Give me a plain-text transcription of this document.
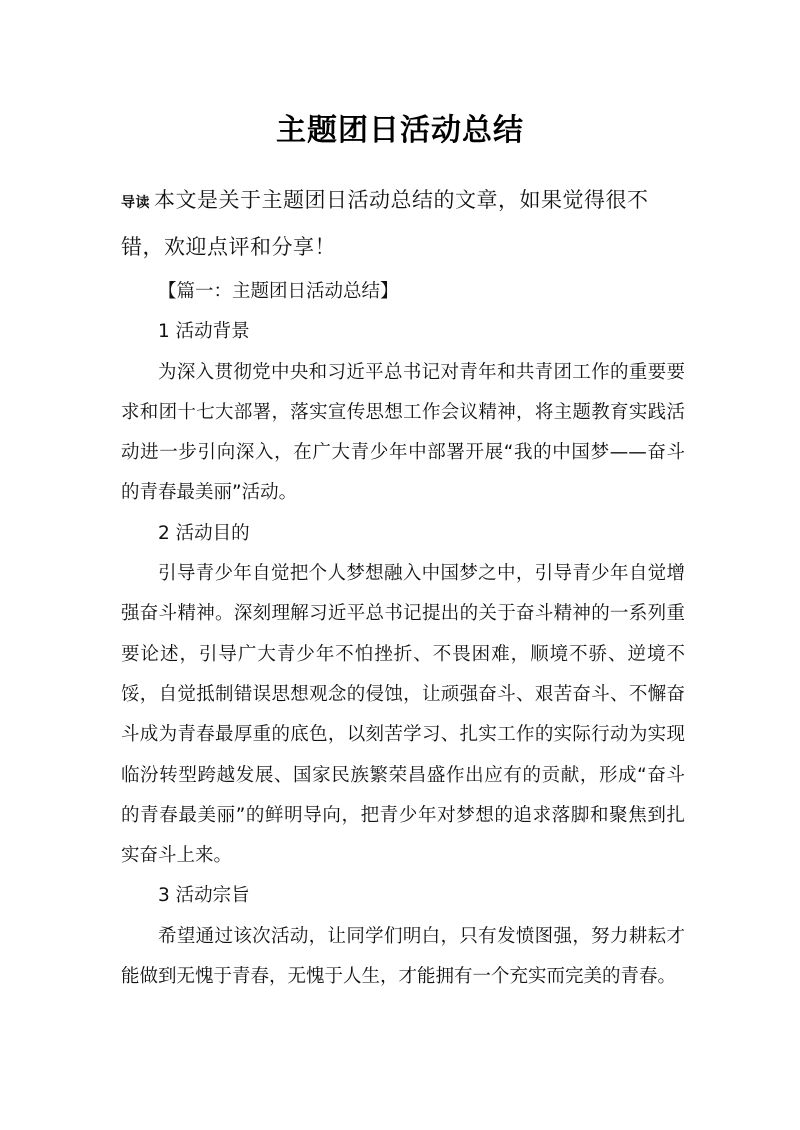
主题团日活动总结
导读 本文是关于主题团日活动总结的文章，如果觉得很不错，欢迎点评和分享！

【篇一：主题团日活动总结】

1 活动背景

为深入贯彻党中央和习近平总书记对青年和共青团工作的重要要求和团十七大部署，落实宣传思想工作会议精神，将主题教育实践活动进一步引向深入，在广大青少年中部署开展“我的中国梦——奋斗的青春最美丽”活动。

2 活动目的

引导青少年自觉把个人梦想融入中国梦之中，引导青少年自觉增强奋斗精神。深刻理解习近平总书记提出的关于奋斗精神的一系列重要论述，引导广大青少年不怕挫折、不畏困难，顺境不骄、逆境不馁，自觉抵制错误思想观念的侵蚀，让顽强奋斗、艰苦奋斗、不懈奋斗成为青春最厚重的底色，以刻苦学习、扎实工作的实际行动为实现临汾转型跨越发展、国家民族繁荣昌盛作出应有的贡献，形成“奋斗的青春最美丽”的鲜明导向，把青少年对梦想的追求落脚和聚焦到扎实奋斗上来。

3 活动宗旨

希望通过该次活动，让同学们明白，只有发愤图强，努力耕耘才能做到无愧于青春，无愧于人生，才能拥有一个充实而完美的青春。
